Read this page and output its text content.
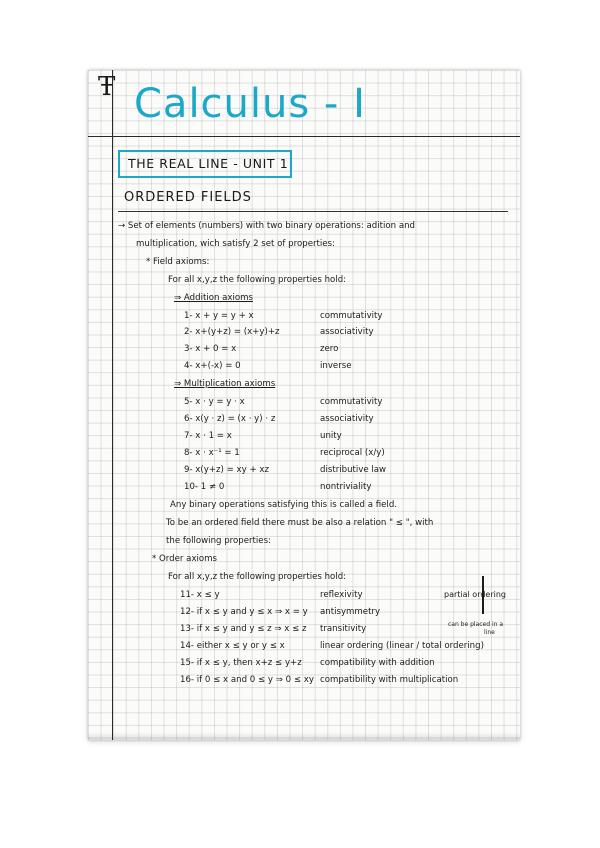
Ŧ Calculus - I
THE REAL LINE - UNIT 1
ORDERED FIELDS
→ Set of elements (numbers) with two binary operations: adition and
multiplication, wich satisfy 2 set of properties:
* Field axioms:
For all x,y,z the following properties hold:
⇒ Addition axioms
1- x + y = y + x	commutativity
2- x+(y+z) = (x+y)+z	associativity
3- x + 0 = x	zero
4- x+(-x) = 0	inverse
⇒ Multiplication axioms
5- x · y = y · x	commutativity
6- x(y · z) = (x · y) · z	associativity
7- x · 1 = x	unity
8- x · x⁻¹ = 1	reciprocal (x/y)
9- x(y+z) = xy + xz	distributive law
10- 1 ≠ 0	nontriviality
Any binary operations satisfying this is called a field.
To be an ordered field there must be also a relation " ≤ ", with
the following properties:
* Order axioms
For all x,y,z the following properties hold:
11- x ≤ y	reflexivity
12- if x ≤ y and y ≤ x ⇒ x = y antisymmetry
13- if x ≤ y and y ≤ z ⇒ x ≤ z transitivity
14- either x ≤ y or y ≤ x	linear ordering (linear / total ordering)
15- if x ≤ y, then x+z ≤ y+z compatibility with addition
16- if 0 ≤ x and 0 ≤ y ⇒ 0 ≤ xy compatibility with multiplication
partial ordering
can be placed in a
line
